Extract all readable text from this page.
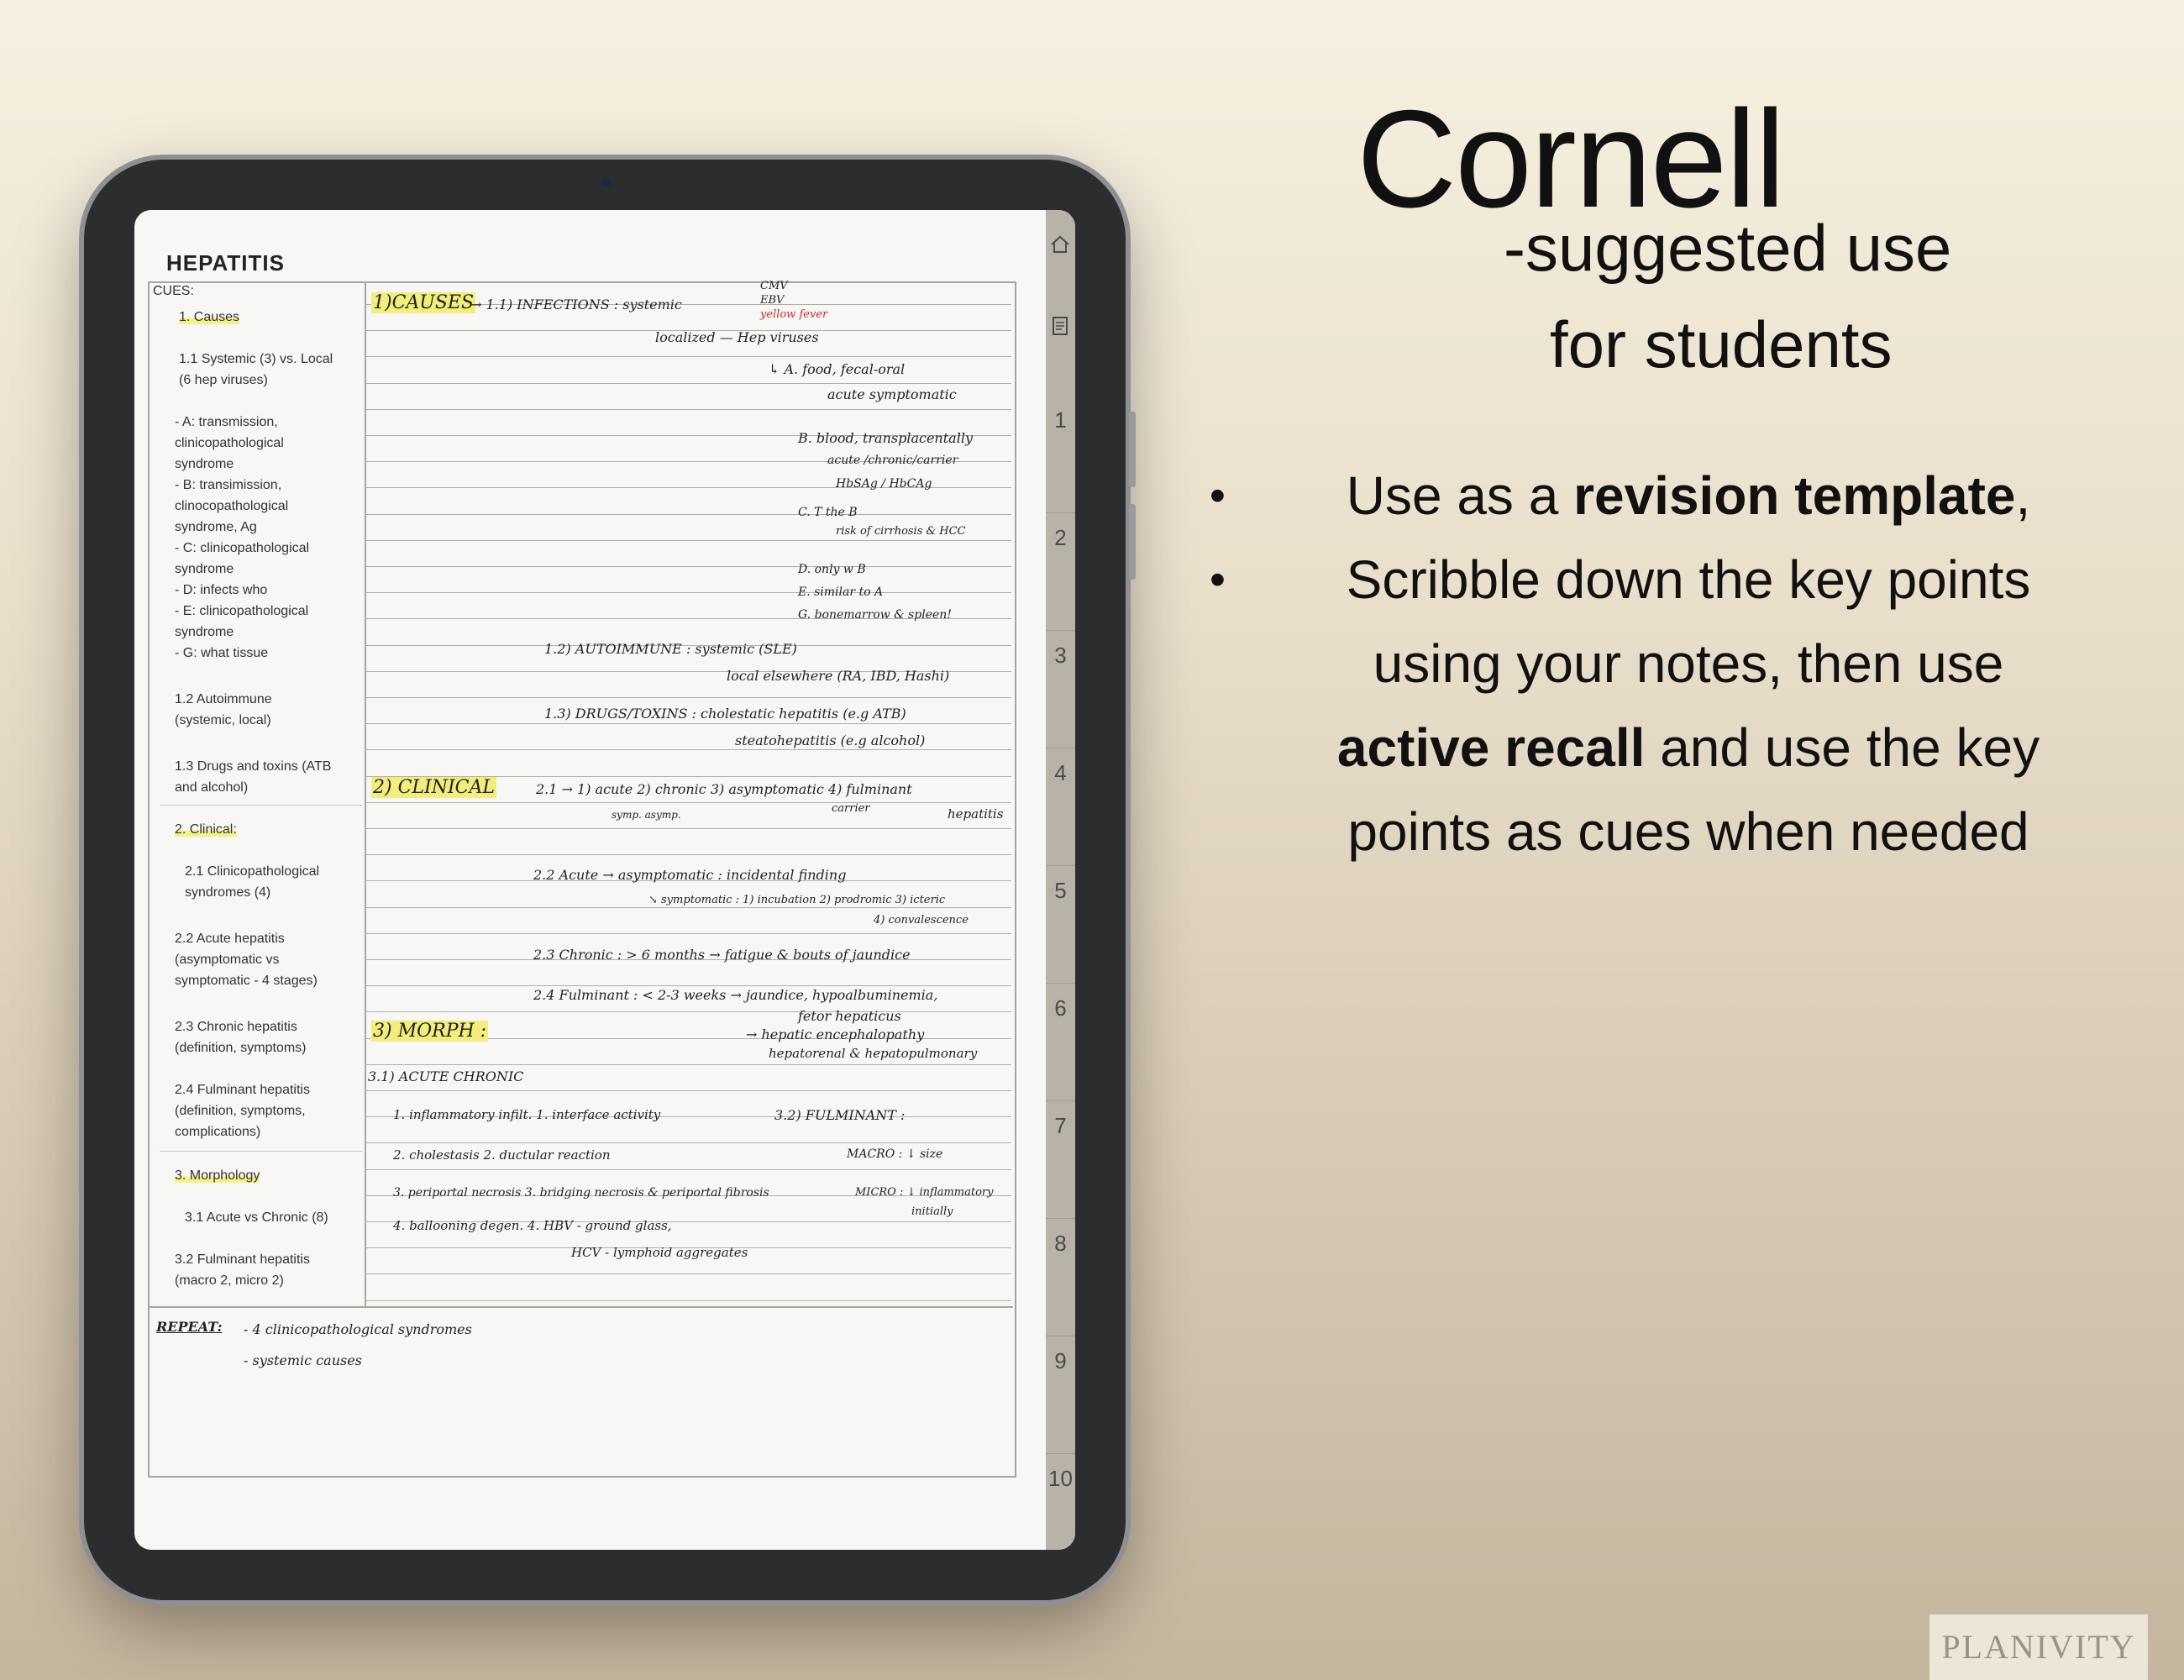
HEPATITIS
CUES:
1. Causes
1.1 Systemic (3) vs. Local
(6 hep viruses)
- A: transmission,
clinicopathological
syndrome
- B: transimission,
clinocopathological
syndrome, Ag
- C: clinicopathological
syndrome
- D: infects who
- E: clinicopathological
syndrome
- G: what tissue
1.2 Autoimmune
(systemic, local)
1.3 Drugs and toxins (ATB
and alcohol)
2. Clinical:
2.1 Clinicopathological
syndromes (4)
2.2 Acute hepatitis
(asymptomatic vs
symptomatic - 4 stages)
2.3 Chronic hepatitis
(definition, symptoms)
2.4 Fulminant hepatitis
(definition, symptoms,
complications)
3. Morphology
3.1 Acute vs Chronic (8)
3.2 Fulminant hepatitis
(macro 2, micro 2)
1)CAUSES
→ 1.1) INFECTIONS : systemic
CMV
EBV
yellow fever
localized — Hep viruses
↳ A. food, fecal-oral
acute symptomatic
B. blood, transplacentally
acute /chronic/carrier
HbSAg / HbCAg
C. T the B
risk of cirrhosis & HCC
D. only w B
E. similar to A
G. bonemarrow & spleen!
1.2) AUTOIMMUNE : systemic (SLE)
local elsewhere (RA, IBD, Hashi)
1.3) DRUGS/TOXINS : cholestatic hepatitis (e.g ATB)
steatohepatitis (e.g alcohol)
2) CLINICAL	2.1 → 1) acute 2) chronic 3) asymptomatic 4) fulminant
symp. asymp.	carrier	hepatitis
2.2 Acute → asymptomatic : incidental finding
↘ symptomatic : 1) incubation 2) prodromic 3) icteric
4) convalescence
2.3 Chronic : > 6 months → fatigue & bouts of jaundice
2.4 Fulminant : < 2-3 weeks → jaundice, hypoalbuminemia,
fetor hepaticus
3) MORPH :	→ hepatic encephalopathy
hepatorenal & hepatopulmonary
3.1) ACUTE CHRONIC
1. inflammatory infilt. 1. interface activity	3.2) FULMINANT :
2. cholestasis 2. ductular reaction	MACRO : ↓ size
3. periportal necrosis 3. bridging necrosis & periportal fibrosis	MICRO : ↓ inflammatory
initially
4. ballooning degen. 4. HBV - ground glass,
HCV - lymphoid aggregates
REPEAT: - 4 clinicopathological syndromes
- systemic causes
1
2
3
4
5
6
7
8
9
10
Cornell
-suggested use
for students
• Use as a revision template,
• Scribble down the key points
using your notes, then use
active recall and use the key
points as cues when needed
PLANIVITY
